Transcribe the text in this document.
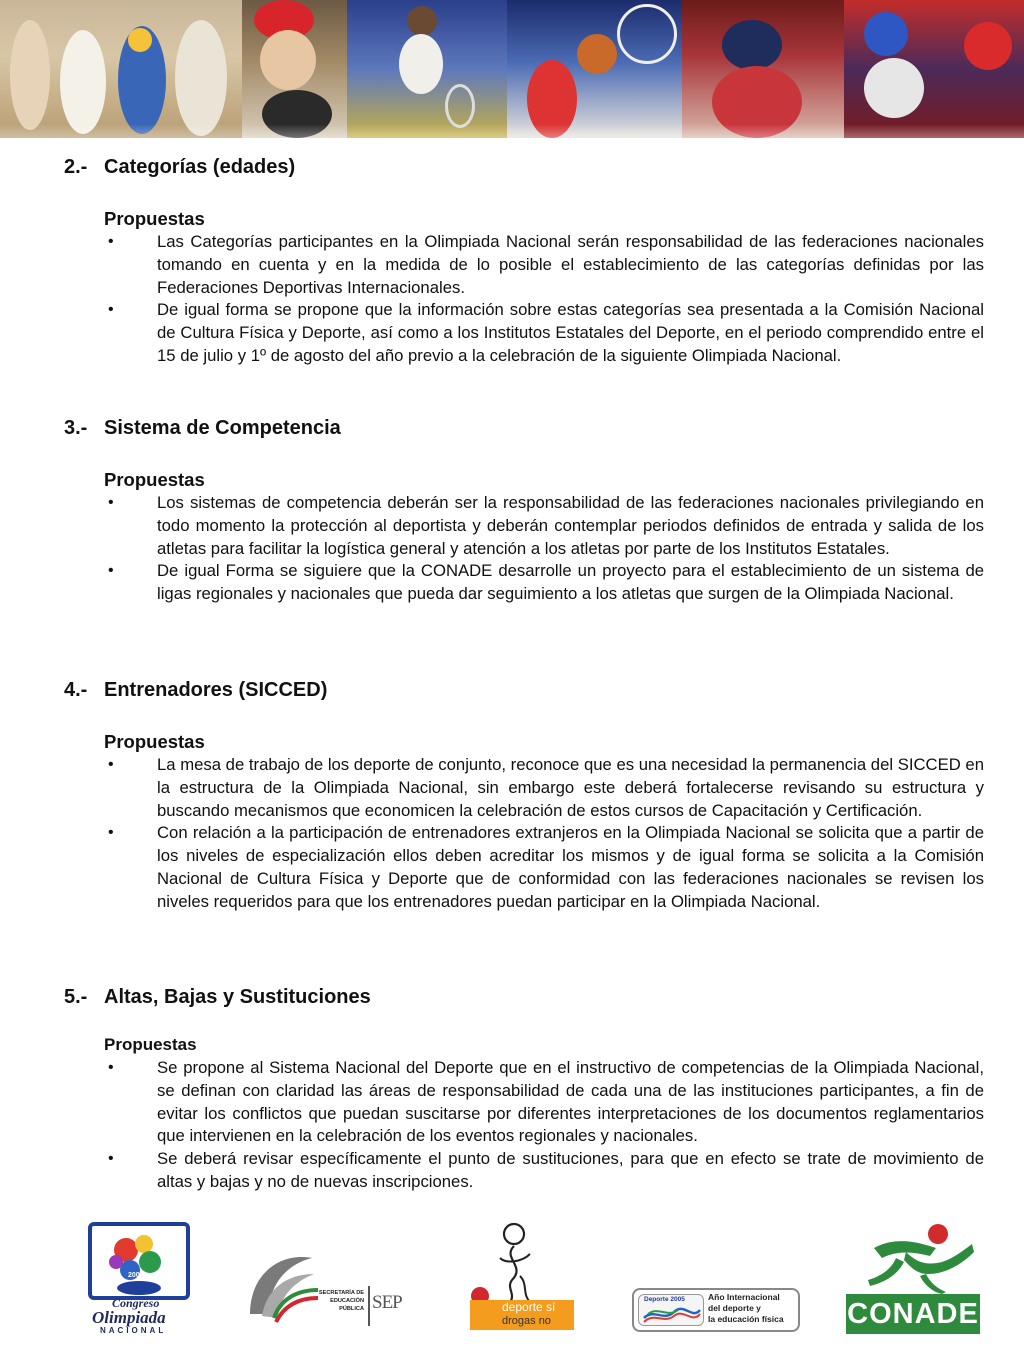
2.- Categorías (edades)
Propuestas
•	Las Categorías participantes en la Olimpiada Nacional serán responsabilidad de las federaciones nacionales tomando en cuenta y en la medida de lo posible el establecimiento de las categorías definidas por las Federaciones Deportivas Internacionales.
•	De igual forma se propone que la información sobre estas categorías sea presentada a la Comisión Nacional de Cultura Física y Deporte, así como a los Institutos Estatales del Deporte, en el periodo comprendido entre el 15 de julio y 1º de agosto del año previo a la celebración de la siguiente Olimpiada Nacional.
3.- Sistema de Competencia
Propuestas
•	Los sistemas de competencia deberán ser la responsabilidad de las federaciones nacionales privilegiando en todo momento la protección al deportista y deberán contemplar periodos definidos de entrada y salida de los atletas para facilitar la logística general y atención a los atletas por parte de los Institutos Estatales.
•	De igual Forma se siguiere que la CONADE desarrolle un proyecto para el establecimiento de un sistema de ligas regionales y nacionales que pueda dar seguimiento a los atletas que surgen de la Olimpiada Nacional.
4.- Entrenadores (SICCED)
Propuestas
•	La mesa de trabajo de los deporte de conjunto, reconoce que es una necesidad la permanencia del SICCED en la estructura de la Olimpiada Nacional, sin embargo este deberá fortalecerse revisando su estructura y buscando mecanismos que economicen la celebración de estos cursos de Capacitación y Certificación.
•	Con relación a la participación de entrenadores extranjeros en la Olimpiada Nacional se solicita que a partir de los niveles de especialización ellos deben acreditar los mismos y de igual forma se solicita a la Comisión Nacional de Cultura Física y Deporte que de conformidad con las federaciones nacionales se revisen los niveles requeridos para que los entrenadores puedan participar en la Olimpiada Nacional.
5.- Altas, Bajas y Sustituciones
Propuestas
•	Se propone al Sistema Nacional del Deporte que en el instructivo de competencias de la Olimpiada Nacional, se definan con claridad las áreas de responsabilidad de cada una de las instituciones participantes, a fin de evitar los conflictos que puedan suscitarse por diferentes interpretaciones de los documentos reglamentarios que intervienen en la celebración de los eventos regionales y nacionales.
•	Se deberá revisar específicamente el punto de sustituciones, para que en efecto se trate de movimiento de altas y bajas y no de nuevas inscripciones.
2005
Congreso
Olimpiada
NACIONAL
SECRETARÍA DE
EDUCACIÓN
PÚBLICA SEP	deporte sí
drogas no
Deporte 2005	Año Internacional
del deporte y
la educación física CONADE
